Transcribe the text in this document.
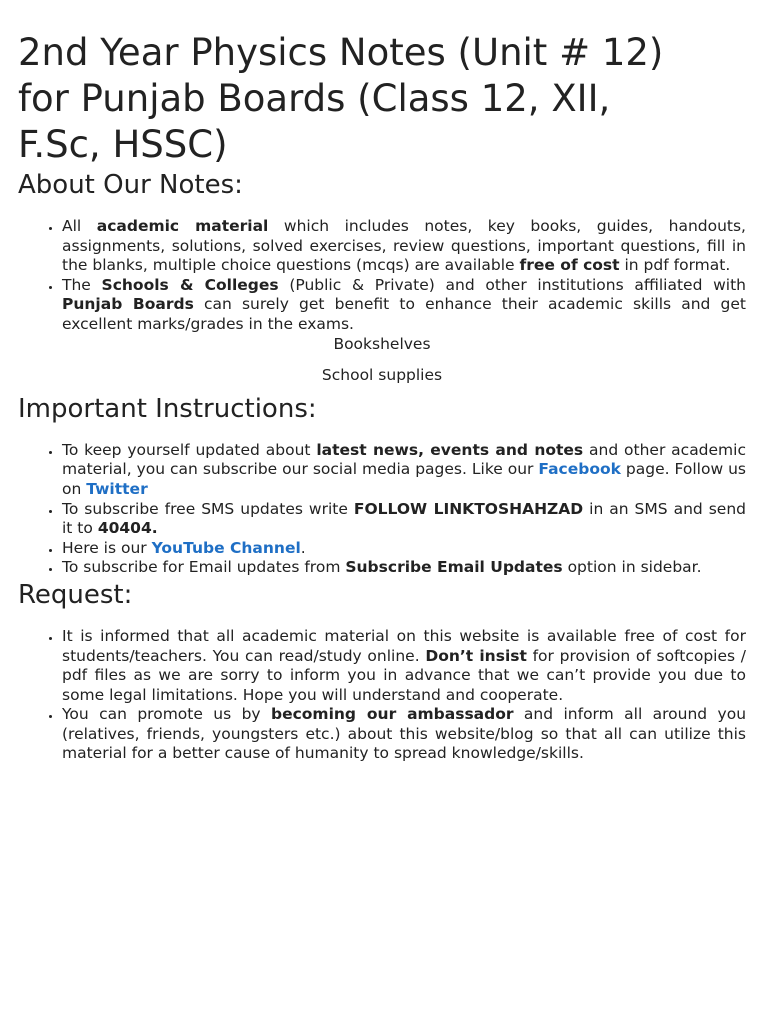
2nd Year Physics Notes (Unit # 12)
for Punjab Boards (Class 12, XII,
F.Sc, HSSC)
About Our Notes:
• All academic material which includes notes, key books, guides, handouts, assignments, solutions, solved exercises, review questions, important questions, fill in the blanks, multiple choice questions (mcqs) are available free of cost in pdf format.
• The Schools & Colleges (Public & Private) and other institutions affiliated with Punjab Boards can surely get benefit to enhance their academic skills and get excellent marks/grades in the exams.
Bookshelves
School supplies
Important Instructions:
• To keep yourself updated about latest news, events and notes and other academic material, you can subscribe our social media pages. Like our Facebook page. Follow us on Twitter
• To subscribe free SMS updates write FOLLOW LINKTOSHAHZAD in an SMS and send it to 40404.
• Here is our YouTube Channel.
• To subscribe for Email updates from Subscribe Email Updates option in sidebar.
Request:
• It is informed that all academic material on this website is available free of cost for students/teachers. You can read/study online. Don’t insist for provision of softcopies / pdf files as we are sorry to inform you in advance that we can’t provide you due to some legal limitations. Hope you will understand and cooperate.
• You can promote us by becoming our ambassador and inform all around you (relatives, friends, youngsters etc.) about this website/blog so that all can utilize this material for a better cause of humanity to spread knowledge/skills.
